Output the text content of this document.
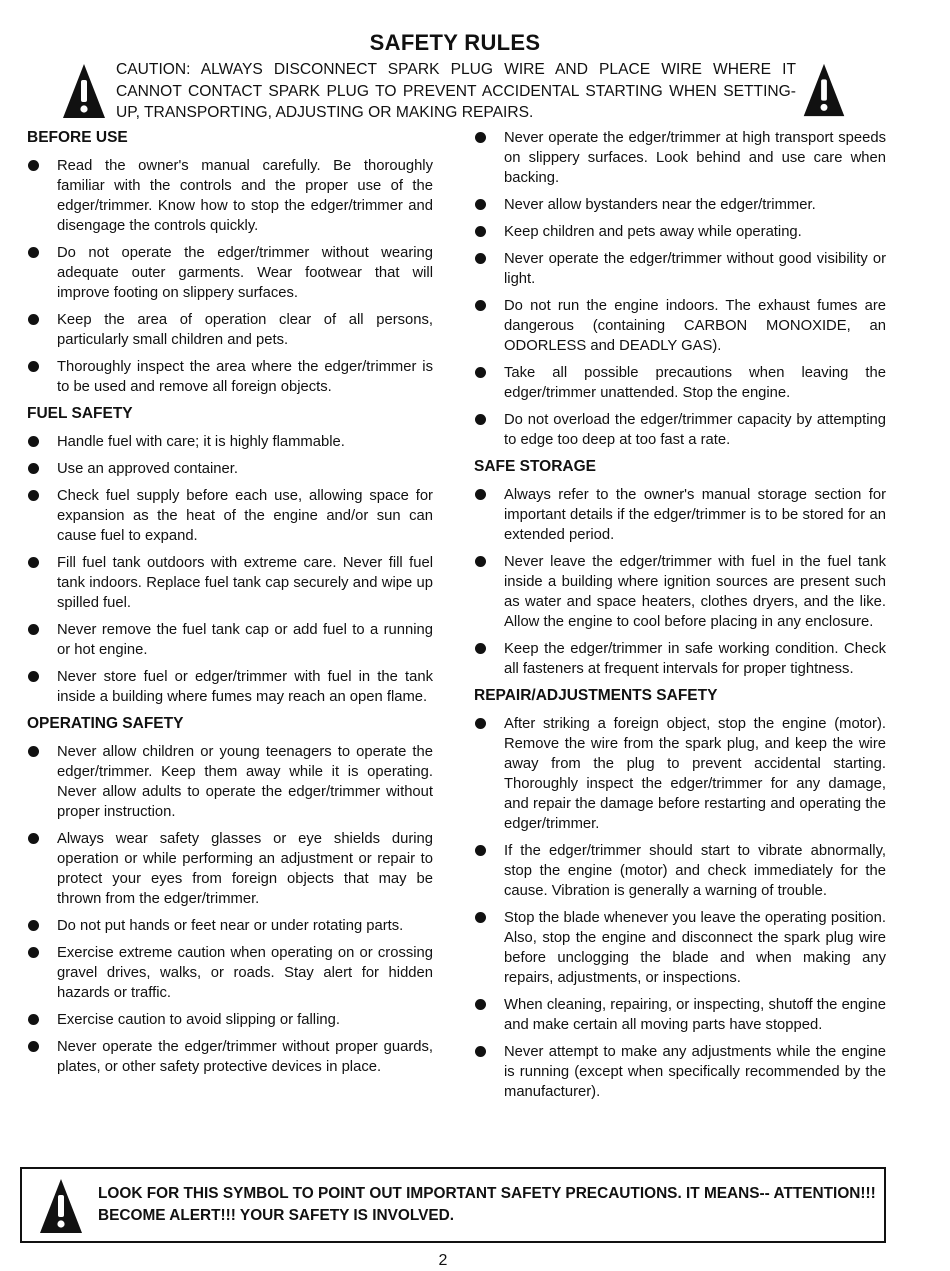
SAFETY RULES
CAUTION: ALWAYS DISCONNECT SPARK PLUG WIRE AND PLACE WIRE WHERE IT CANNOT CONTACT SPARK PLUG TO PREVENT ACCIDENTAL STARTING WHEN SETTING-UP, TRANSPORTING, ADJUSTING OR MAKING REPAIRS.
BEFORE USE
Read the owner's manual carefully. Be thoroughly familiar with the controls and the proper use of the edger/trimmer. Know how to stop the edger/trimmer and disengage the controls quickly.
Do not operate the edger/trimmer without wearing adequate outer garments. Wear footwear that will improve footing on slippery surfaces.
Keep the area of operation clear of all persons, particularly small children and pets.
Thoroughly inspect the area where the edger/trimmer is to be used and remove all foreign objects.
FUEL SAFETY
Handle fuel with care; it is highly flammable.
Use an approved container.
Check fuel supply before each use, allowing space for expansion as the heat of the engine and/or sun can cause fuel to expand.
Fill fuel tank outdoors with extreme care. Never fill fuel tank indoors. Replace fuel tank cap securely and wipe up spilled fuel.
Never remove the fuel tank cap or add fuel to a running or hot engine.
Never store fuel or edger/trimmer with fuel in the tank inside a building where fumes may reach an open flame.
OPERATING SAFETY
Never allow children or young teenagers to operate the edger/trimmer. Keep them away while it is operating. Never allow adults to operate the edger/trimmer without proper instruction.
Always wear safety glasses or eye shields during operation or while performing an adjustment or repair to protect your eyes from foreign objects that may be thrown from the edger/trimmer.
Do not put hands or feet near or under rotating parts.
Exercise extreme caution when operating on or crossing gravel drives, walks, or roads. Stay alert for hidden hazards or traffic.
Exercise caution to avoid slipping or falling.
Never operate the edger/trimmer without proper guards, plates, or other safety protective devices in place.
Never operate the edger/trimmer at high transport speeds on slippery surfaces. Look behind and use care when backing.
Never allow bystanders near the edger/trimmer.
Keep children and pets away while operating.
Never operate the edger/trimmer without good visibility or light.
Do not run the engine indoors. The exhaust fumes are dangerous (containing CARBON MONOXIDE, an ODORLESS and DEADLY GAS).
Take all possible precautions when leaving the edger/trimmer unattended. Stop the engine.
Do not overload the edger/trimmer capacity by attempting to edge too deep at too fast a rate.
SAFE STORAGE
Always refer to the owner's manual storage section for important details if the edger/trimmer is to be stored for an extended period.
Never leave the edger/trimmer with fuel in the fuel tank inside a building where ignition sources are present such as water and space heaters, clothes dryers, and the like. Allow the engine to cool before placing in any enclosure.
Keep the edger/trimmer in safe working condition. Check all fasteners at frequent intervals for proper tightness.
REPAIR/ADJUSTMENTS SAFETY
After striking a foreign object, stop the engine (motor). Remove the wire from the spark plug, and keep the wire away from the plug to prevent accidental starting. Thoroughly inspect the edger/trimmer for any damage, and repair the damage before restarting and operating the edger/trimmer.
If the edger/trimmer should start to vibrate abnormally, stop the engine (motor) and check immediately for the cause. Vibration is generally a warning of trouble.
Stop the blade whenever you leave the operating position. Also, stop the engine and disconnect the spark plug wire before unclogging the blade and when making any repairs, adjustments, or inspections.
When cleaning, repairing, or inspecting, shutoff the engine and make certain all moving parts have stopped.
Never attempt to make any adjustments while the engine is running (except when specifically recommended by the manufacturer).
LOOK FOR THIS SYMBOL TO POINT OUT IMPORTANT SAFETY PRECAUTIONS. IT MEANS-- ATTENTION!!! BECOME ALERT!!! YOUR SAFETY IS INVOLVED.
2
